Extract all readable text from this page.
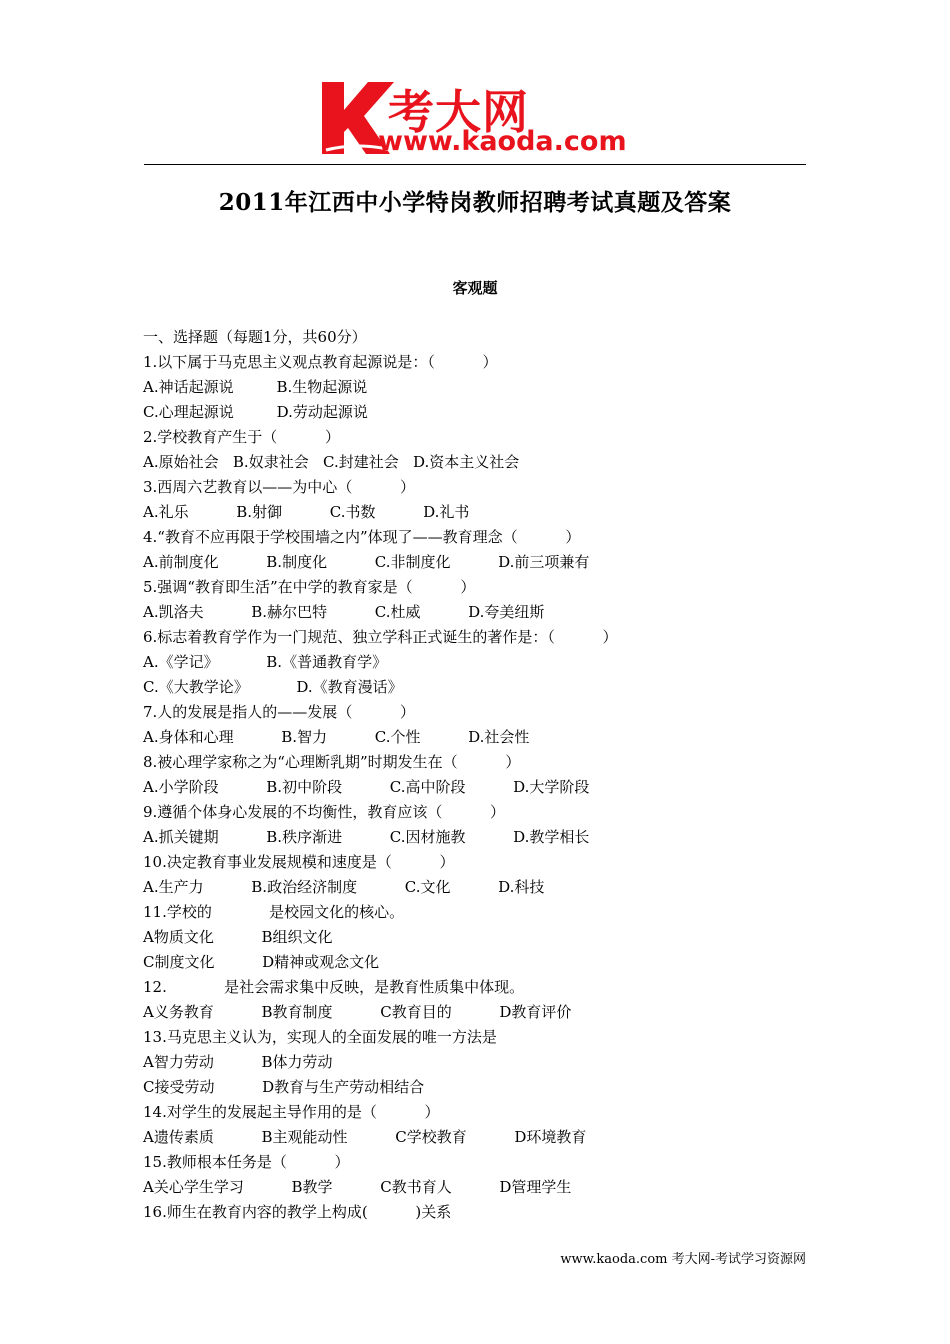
考大网
www.kaoda.com
2011年江西中小学特岗教师招聘考试真题及答案
客观题
一、选择题（每题1分，共60分）
1.以下属于马克思主义观点教育起源说是：（          ）
A.神话起源说         B.生物起源说
C.心理起源说         D.劳动起源说
2.学校教育产生于（          ）
A.原始社会   B.奴隶社会   C.封建社会   D.资本主义社会
3.西周六艺教育以——为中心（          ）
A.礼乐          B.射御          C.书数          D.礼书
4.“教育不应再限于学校围墙之内”体现了——教育理念（          ）
A.前制度化          B.制度化          C.非制度化          D.前三项兼有
5.强调“教育即生活”在中学的教育家是（          ）
A.凯洛夫          B.赫尔巴特          C.杜威          D.夸美纽斯
6.标志着教育学作为一门规范、独立学科正式诞生的著作是：（          ）
A.《学记》          B.《普通教育学》
C.《大教学论》          D.《教育漫话》
7.人的发展是指人的——发展（          ）
A.身体和心理          B.智力          C.个性          D.社会性
8.被心理学家称之为“心理断乳期”时期发生在（          ）
A.小学阶段          B.初中阶段          C.高中阶段          D.大学阶段
9.遵循个体身心发展的不均衡性，教育应该（          ）
A.抓关键期          B.秩序渐进          C.因材施教          D.教学相长
10.决定教育事业发展规模和速度是（          ）
A.生产力          B.政治经济制度          C.文化          D.科技
11.学校的            是校园文化的核心。
A物质文化          B组织文化
C制度文化          D精神或观念文化
12.            是社会需求集中反映，是教育性质集中体现。
A义务教育          B教育制度          C教育目的          D教育评价
13.马克思主义认为，实现人的全面发展的唯一方法是
A智力劳动          B体力劳动
C接受劳动          D教育与生产劳动相结合
14.对学生的发展起主导作用的是（          ）
A遗传素质          B主观能动性          C学校教育          D环境教育
15.教师根本任务是（          ）
A关心学生学习          B教学          C教书育人          D管理学生
16.师生在教育内容的教学上构成(          )关系
www.kaoda.com 考大网-考试学习资源网
